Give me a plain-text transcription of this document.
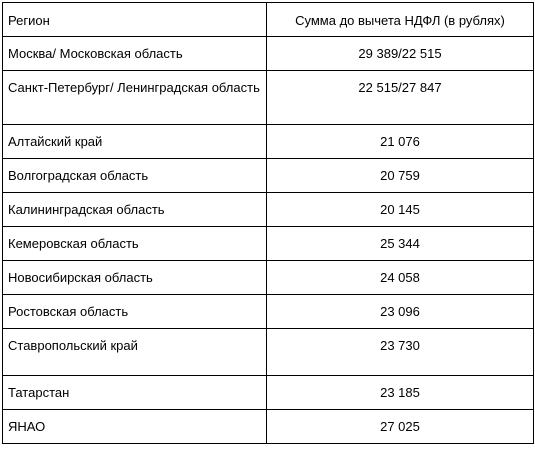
Регион	Сумма до вычета НДФЛ (в рублях)

Москва/ Московская область	29 389/22 515

Санкт-Петербург/ Ленинградская область	22 515/27 847

Алтайский край	21 076

Волгоградская область	20 759

Калининградская область	20 145

Кемеровская область	25 344

Новосибирская область	24 058

Ростовская область	23 096

Ставропольский край	23 730

Татарстан	23 185

ЯНАО	27 025
